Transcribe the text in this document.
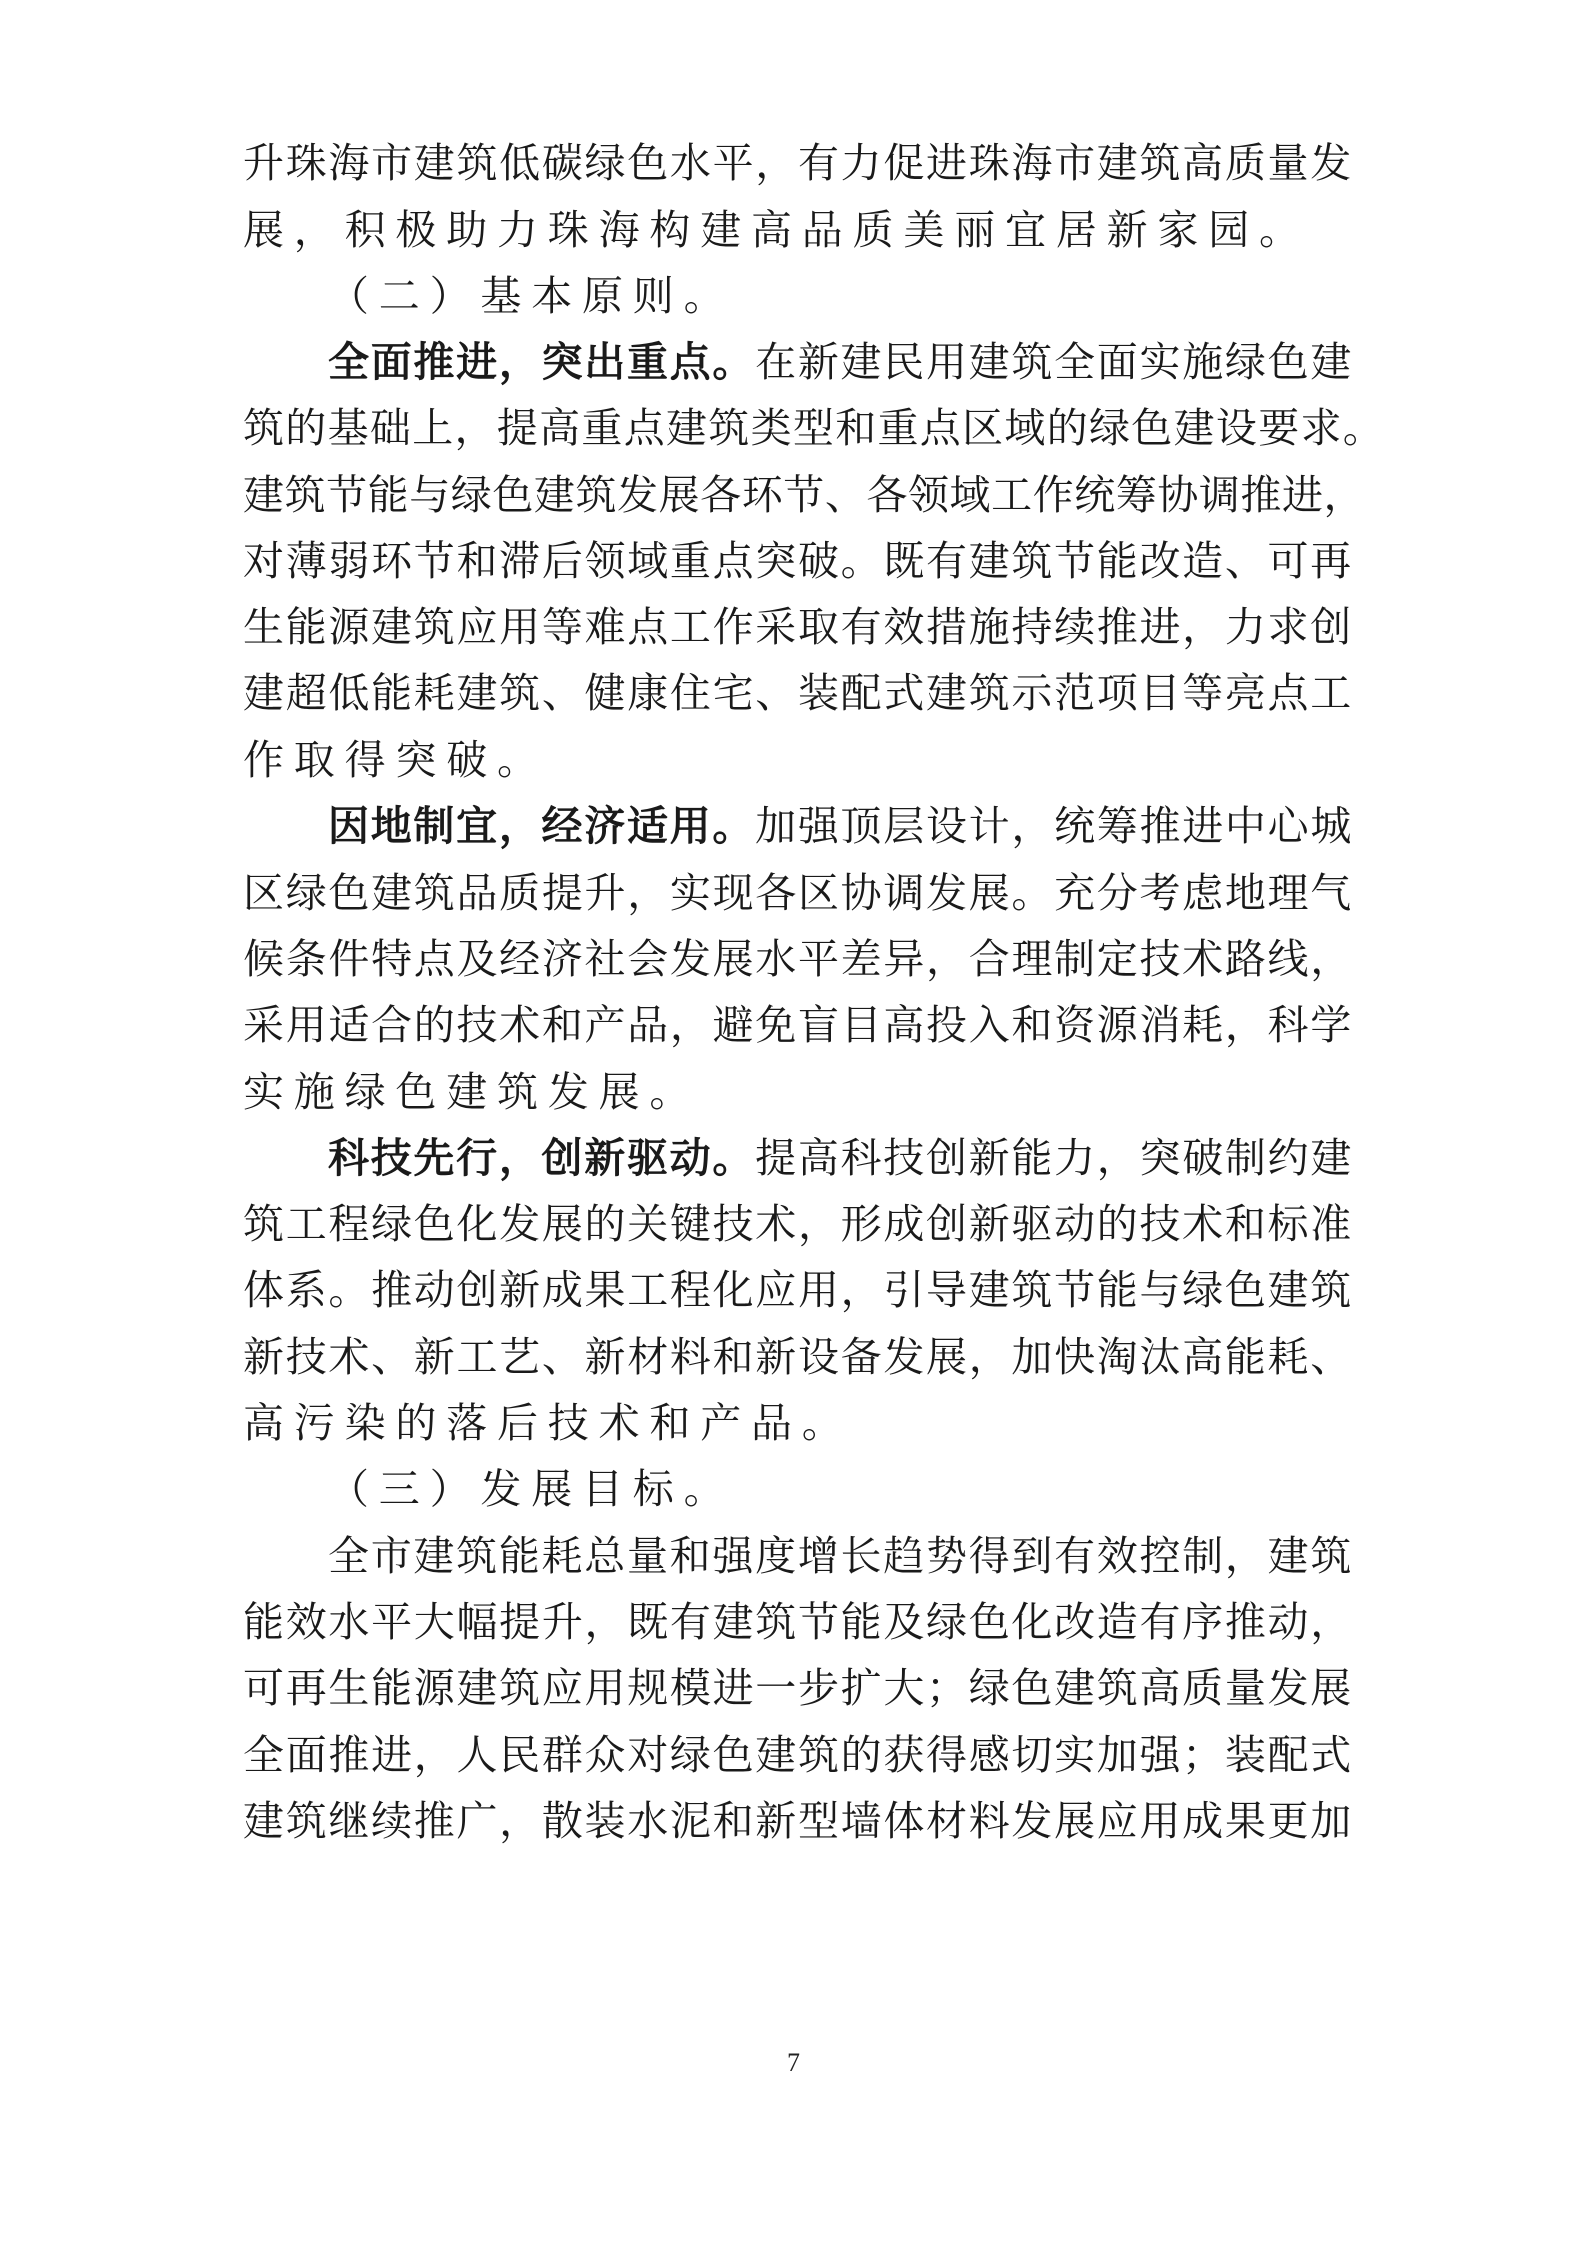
升珠海市建筑低碳绿色水平，有力促进珠海市建筑高质量发
展，积极助力珠海构建高品质美丽宜居新家园。
（二）基本原则。
全面推进，突出重点。在新建民用建筑全面实施绿色建
筑的基础上，提高重点建筑类型和重点区域的绿色建设要求。
建筑节能与绿色建筑发展各环节、各领域工作统筹协调推进，
对薄弱环节和滞后领域重点突破。既有建筑节能改造、可再
生能源建筑应用等难点工作采取有效措施持续推进，力求创
建超低能耗建筑、健康住宅、装配式建筑示范项目等亮点工
作取得突破。
因地制宜，经济适用。加强顶层设计，统筹推进中心城
区绿色建筑品质提升，实现各区协调发展。充分考虑地理气
候条件特点及经济社会发展水平差异，合理制定技术路线，
采用适合的技术和产品，避免盲目高投入和资源消耗，科学
实施绿色建筑发展。
科技先行，创新驱动。提高科技创新能力，突破制约建
筑工程绿色化发展的关键技术，形成创新驱动的技术和标准
体系。推动创新成果工程化应用，引导建筑节能与绿色建筑
新技术、新工艺、新材料和新设备发展，加快淘汰高能耗、
高污染的落后技术和产品。
（三）发展目标。
全市建筑能耗总量和强度增长趋势得到有效控制，建筑
能效水平大幅提升，既有建筑节能及绿色化改造有序推动，
可再生能源建筑应用规模进一步扩大；绿色建筑高质量发展
全面推进，人民群众对绿色建筑的获得感切实加强；装配式
建筑继续推广，散装水泥和新型墙体材料发展应用成果更加
7
